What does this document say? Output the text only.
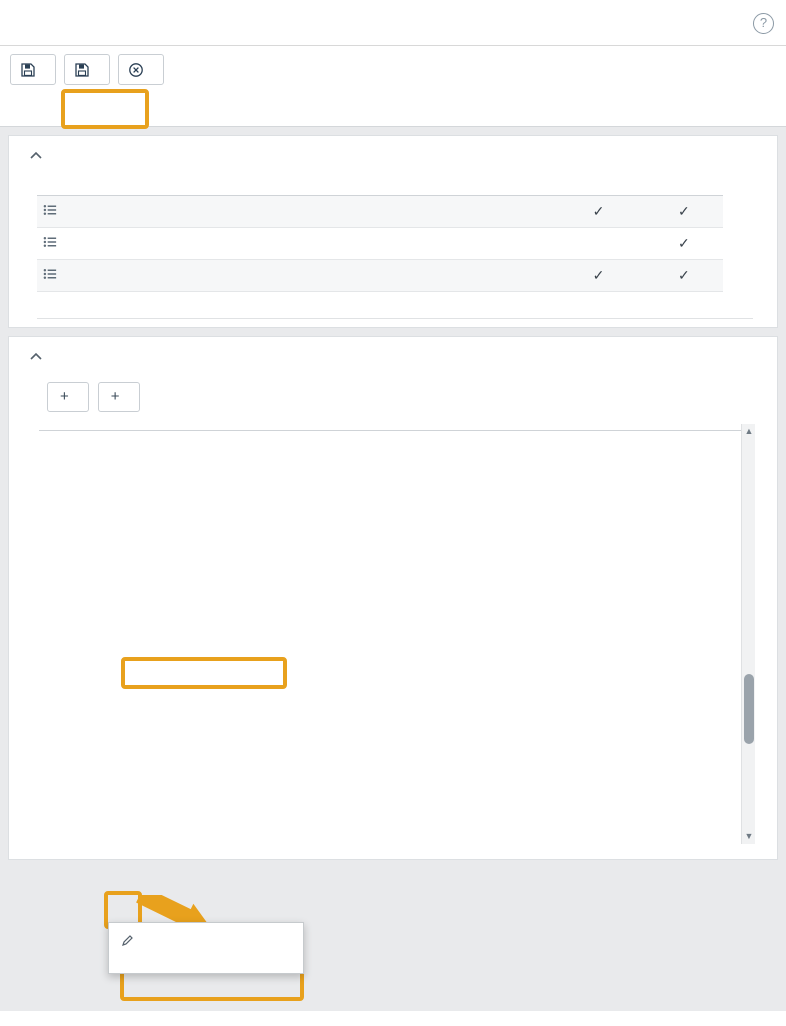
?

				✓	✓
					✓
				✓	✓
+	+
▲
▼
